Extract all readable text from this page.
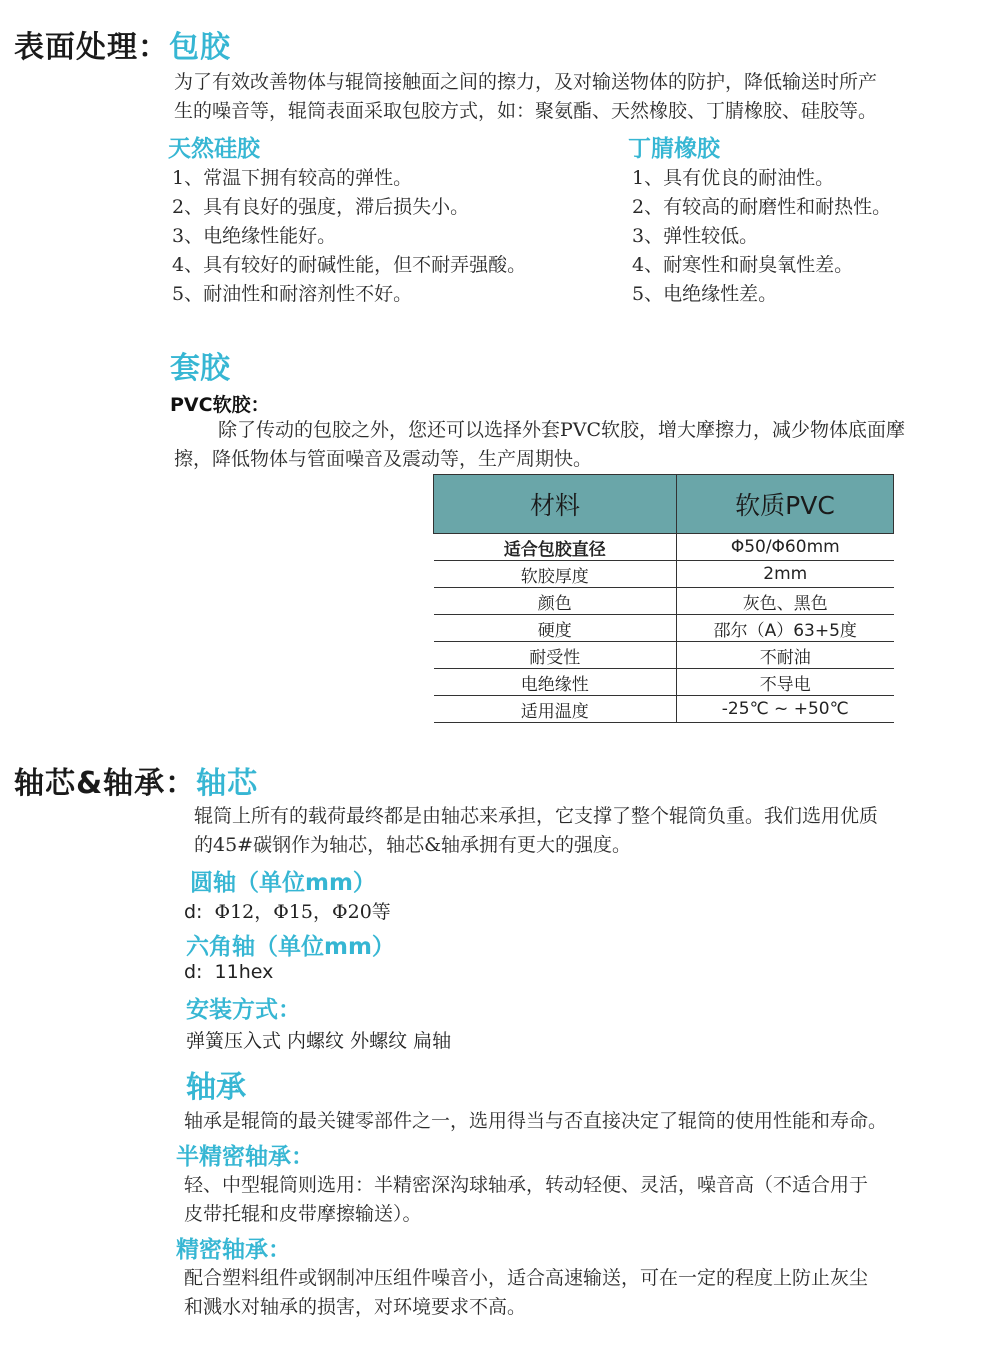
表面处理：包胶
为了有效改善物体与辊筒接触面之间的擦力，及对输送物体的防护，降低输送时所产
生的噪音等，辊筒表面采取包胶方式，如：聚氨酯、天然橡胶、丁腈橡胶、硅胶等。
天然硅胶
1、常温下拥有较高的弹性。
2、具有良好的强度，滞后损失小。
3、电绝缘性能好。
4、具有较好的耐碱性能，但不耐弄强酸。
5、耐油性和耐溶剂性不好。
丁腈橡胶
1、具有优良的耐油性。
2、有较高的耐磨性和耐热性。
3、弹性较低。
4、耐寒性和耐臭氧性差。
5、电绝缘性差。
套胶
PVC软胶：
除了传动的包胶之外，您还可以选择外套PVC软胶，增大摩擦力，减少物体底面摩
擦，降低物体与管面噪音及震动等，生产周期快。
材料	软质PVC
适合包胶直径	Φ50/Φ60mm
软胶厚度	2mm
颜色	灰色、黑色
硬度	邵尔（A）63+5度
耐受性	不耐油
电绝缘性	不导电
适用温度	-25℃ ~ +50℃
轴芯&轴承：轴芯
辊筒上所有的载荷最终都是由轴芯来承担，它支撑了整个辊筒负重。我们选用优质
的45#碳钢作为轴芯，轴芯&轴承拥有更大的强度。
圆轴（单位mm）
d: Φ12，Φ15，Φ20等
六角轴（单位mm）
d: 11hex
安装方式：
弹簧压入式 内螺纹 外螺纹 扁轴
轴承
轴承是辊筒的最关键零部件之一，选用得当与否直接决定了辊筒的使用性能和寿命。
半精密轴承：
轻、中型辊筒则选用：半精密深沟球轴承，转动轻便、灵活，噪音高（不适合用于
皮带托辊和皮带摩擦输送）。
精密轴承：
配合塑料组件或钢制冲压组件噪音小，适合高速输送，可在一定的程度上防止灰尘
和溅水对轴承的损害，对环境要求不高。
